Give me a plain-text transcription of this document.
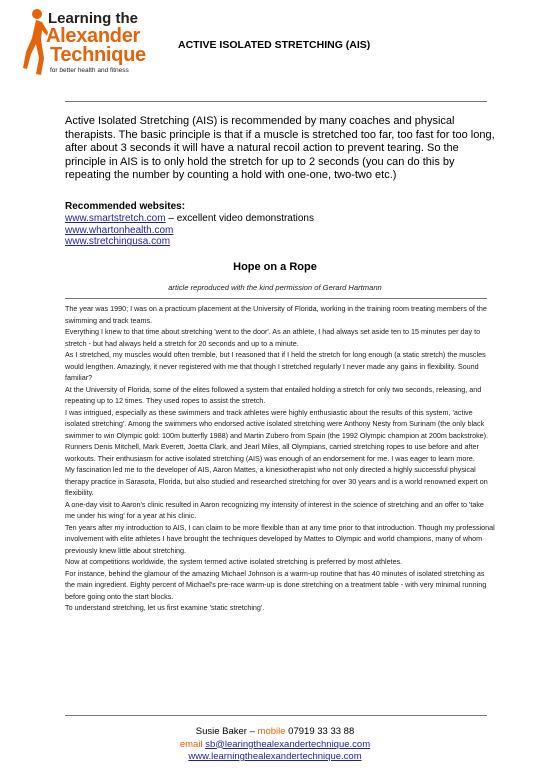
Learning the
Alexander
Technique
for better health and fitness
ACTIVE ISOLATED STRETCHING (AIS)

Active Isolated Stretching (AIS) is recommended by many coaches and physical therapists. The basic principle is that if a muscle is stretched too far, too fast for too long, after about 3 seconds it will have a natural recoil action to prevent tearing. So the principle in AIS is to only hold the stretch for up to 2 seconds (you can do this by repeating the number by counting a hold with one-one, two-two etc.)

Recommended websites:
www.smartstretch.com – excellent video demonstrations
www.whartonhealth.com
www.stretchingusa.com
Hope on a Rope
article reproduced with the kind permission of Gerard Hartmann

The year was 1990; I was on a practicum placement at the University of Florida, working in the training room treating members of the swimming and track teams.

Everything I knew to that time about stretching 'went to the door'. As an athlete, I had always set aside ten to 15 minutes per day to stretch - but had always held a stretch for 20 seconds and up to a minute.

As I stretched, my muscles would often tremble, but I reasoned that if I held the stretch for long enough (a static stretch) the muscles would lengthen. Amazingly, it never registered with me that though I stretched regularly I never made any gains in flexibility. Sound familiar?

At the University of Florida, some of the elites followed a system that entailed holding a stretch for only two seconds, releasing, and repeating up to 12 times. They used ropes to assist the stretch.

I was intrigued, especially as these swimmers and track athletes were highly enthusiastic about the results of this system, 'active isolated stretching'. Among the swimmers who endorsed active isolated stretching were Anthony Nesty from Surinam (the only black swimmer to win Olympic gold: 100m butterfly 1988) and Martin Zubero from Spain (the 1992 Olympic champion at 200m backstroke).

Runners Denis Mitchell, Mark Everett, Joetta Clark, and Jearl Miles, all Olympians, carried stretching ropes to use before and after workouts. Their enthusiasm for active isolated stretching (AIS) was enough of an endorsement for me. I was eager to learn more.

My fascination led me to the developer of AIS, Aaron Mattes, a kinesiotherapist who not only directed a highly successful physical therapy practice in Sarasota, Florida, but also studied and researched stretching for over 30 years and is a world renowned expert on flexibility.

A one-day visit to Aaron's clinic resulted in Aaron recognizing my intensity of interest in the science of stretching and an offer to 'take me under his wing' for a year at his clinic.

Ten years after my introduction to AIS, I can claim to be more flexible than at any time prior to that introduction. Though my professional involvement with elite athletes I have brought the techniques developed by Mattes to Olympic and world champions, many of whom previously knew little about stretching.

Now at competitions worldwide, the system termed active isolated stretching is preferred by most athletes.

For instance, behind the glamour of the amazing Michael Johnson is a warm-up routine that has 40 minutes of isolated stretching as the main ingredient. Eighty percent of Michael's pre-race warm-up is done stretching on a treatment table - with very minimal running before going onto the start blocks.

To understand stretching, let us first examine 'static stretching'.

Susie Baker – mobile 07919 33 33 88
email sb@learingthealexandertechnique.com
www.learningthealexandertechnique.com
